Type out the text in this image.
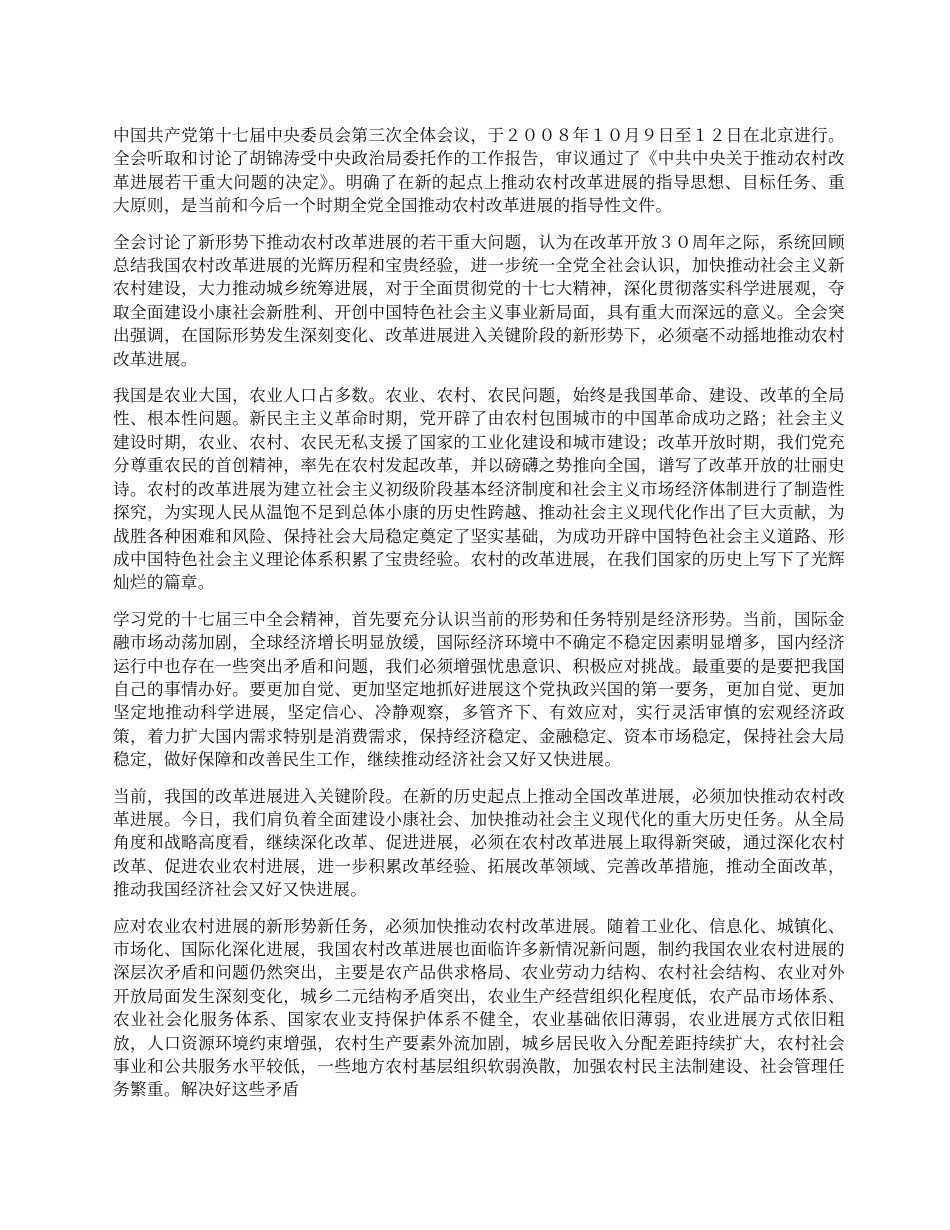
中国共产党第十七届中央委员会第三次全体会议，于２００８年１０月９日至１２日在北京进行。全会听取和讨论了胡锦涛受中央政治局委托作的工作报告，审议通过了《中共中央关于推动农村改革进展若干重大问题的决定》。明确了在新的起点上推动农村改革进展的指导思想、目标任务、重大原则，是当前和今后一个时期全党全国推动农村改革进展的指导性文件。

全会讨论了新形势下推动农村改革进展的若干重大问题，认为在改革开放３０周年之际，系统回顾总结我国农村改革进展的光辉历程和宝贵经验，进一步统一全党全社会认识，加快推动社会主义新农村建设，大力推动城乡统筹进展，对于全面贯彻党的十七大精神，深化贯彻落实科学进展观，夺取全面建设小康社会新胜利、开创中国特色社会主义事业新局面，具有重大而深远的意义。全会突出强调，在国际形势发生深刻变化、改革进展进入关键阶段的新形势下，必须毫不动摇地推动农村改革进展。

我国是农业大国，农业人口占多数。农业、农村、农民问题，始终是我国革命、建设、改革的全局性、根本性问题。新民主主义革命时期，党开辟了由农村包围城市的中国革命成功之路；社会主义建设时期，农业、农村、农民无私支援了国家的工业化建设和城市建设；改革开放时期，我们党充分尊重农民的首创精神，率先在农村发起改革，并以磅礴之势推向全国，谱写了改革开放的壮丽史诗。农村的改革进展为建立社会主义初级阶段基本经济制度和社会主义市场经济体制进行了制造性探究，为实现人民从温饱不足到总体小康的历史性跨越、推动社会主义现代化作出了巨大贡献，为战胜各种困难和风险、保持社会大局稳定奠定了坚实基础，为成功开辟中国特色社会主义道路、形成中国特色社会主义理论体系积累了宝贵经验。农村的改革进展，在我们国家的历史上写下了光辉灿烂的篇章。

学习党的十七届三中全会精神，首先要充分认识当前的形势和任务特别是经济形势。当前，国际金融市场动荡加剧，全球经济增长明显放缓，国际经济环境中不确定不稳定因素明显增多，国内经济运行中也存在一些突出矛盾和问题，我们必须增强忧患意识、积极应对挑战。最重要的是要把我国自己的事情办好。要更加自觉、更加坚定地抓好进展这个党执政兴国的第一要务，更加自觉、更加坚定地推动科学进展，坚定信心、冷静观察，多管齐下、有效应对，实行灵活审慎的宏观经济政策，着力扩大国内需求特别是消费需求，保持经济稳定、金融稳定、资本市场稳定，保持社会大局稳定，做好保障和改善民生工作，继续推动经济社会又好又快进展。

当前，我国的改革进展进入关键阶段。在新的历史起点上推动全国改革进展，必须加快推动农村改革进展。今日，我们肩负着全面建设小康社会、加快推动社会主义现代化的重大历史任务。从全局角度和战略高度看，继续深化改革、促进进展，必须在农村改革进展上取得新突破，通过深化农村改革、促进农业农村进展，进一步积累改革经验、拓展改革领域、完善改革措施，推动全面改革，推动我国经济社会又好又快进展。

应对农业农村进展的新形势新任务，必须加快推动农村改革进展。随着工业化、信息化、城镇化、市场化、国际化深化进展，我国农村改革进展也面临许多新情况新问题，制约我国农业农村进展的深层次矛盾和问题仍然突出，主要是农产品供求格局、农业劳动力结构、农村社会结构、农业对外开放局面发生深刻变化，城乡二元结构矛盾突出，农业生产经营组织化程度低，农产品市场体系、农业社会化服务体系、国家农业支持保护体系不健全，农业基础依旧薄弱，农业进展方式依旧粗放，人口资源环境约束增强，农村生产要素外流加剧，城乡居民收入分配差距持续扩大，农村社会事业和公共服务水平较低，一些地方农村基层组织软弱涣散，加强农村民主法制建设、社会管理任务繁重。解决好这些矛盾
